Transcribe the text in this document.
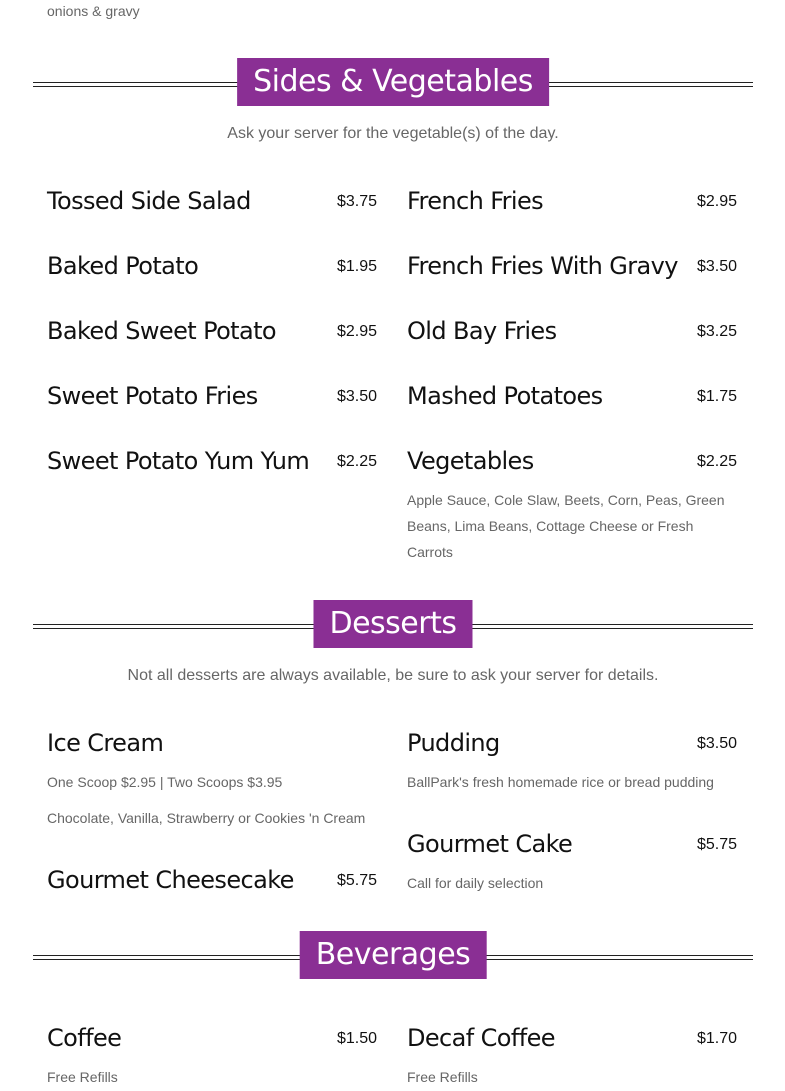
onions & gravy
Sides & Vegetables
Ask your server for the vegetable(s) of the day.
Tossed Side Salad	$3.75 French Fries	$2.95
Baked Potato	$1.95 French Fries With Gravy $3.50
Baked Sweet Potato	$2.95 Old Bay Fries	$3.25
Sweet Potato Fries	$3.50 Mashed Potatoes	$1.75
Sweet Potato Yum Yum $2.25 Vegetables	$2.25
Apple Sauce, Cole Slaw, Beets, Corn, Peas, Green Beans, Lima Beans, Cottage Cheese or Fresh Carrots
Desserts
Not all desserts are always available, be sure to ask your server for details.
Ice Cream
One Scoop $2.95 | Two Scoops $3.95
Chocolate, Vanilla, Strawberry or Cookies 'n Cream
Pudding	$3.50
BallPark's fresh homemade rice or bread pudding
Gourmet Cake	$5.75
Call for daily selection
Gourmet Cheesecake	$5.75
Beverages
Coffee	$1.50
Free Refills
Decaf Coffee	$1.70
Free Refills
